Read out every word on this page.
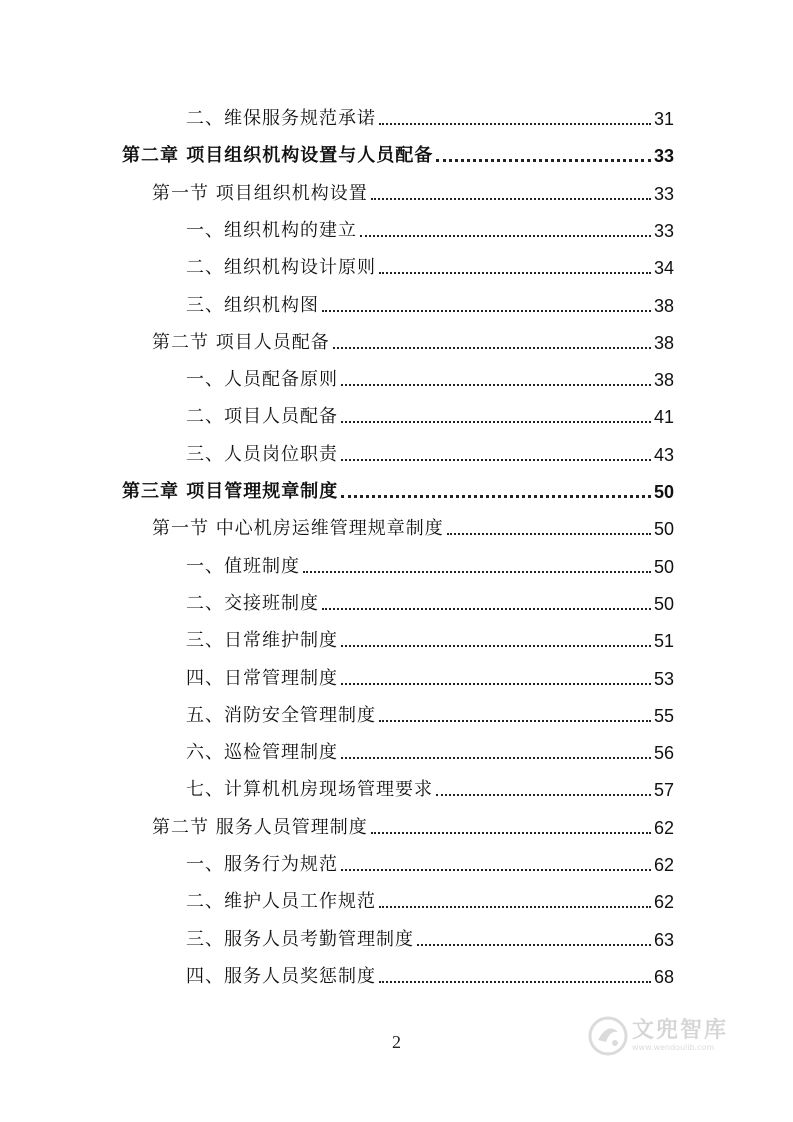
二、维保服务规范承诺	31
第二章 项目组织机构设置与人员配备	33
第一节 项目组织机构设置	33
一、组织机构的建立	33
二、组织机构设计原则	34
三、组织机构图	38
第二节 项目人员配备	38
一、人员配备原则	38
二、项目人员配备	41
三、人员岗位职责	43
第三章 项目管理规章制度	50
第一节 中心机房运维管理规章制度	50
一、值班制度	50
二、交接班制度	50
三、日常维护制度	51
四、日常管理制度	53
五、消防安全管理制度	55
六、巡检管理制度	56
七、计算机机房现场管理要求	57
第二节 服务人员管理制度	62
一、服务行为规范	62
二、维护人员工作规范	62
三、服务人员考勤管理制度	63
四、服务人员奖惩制度	68
2	文兜智库
www.wendoulib.com
